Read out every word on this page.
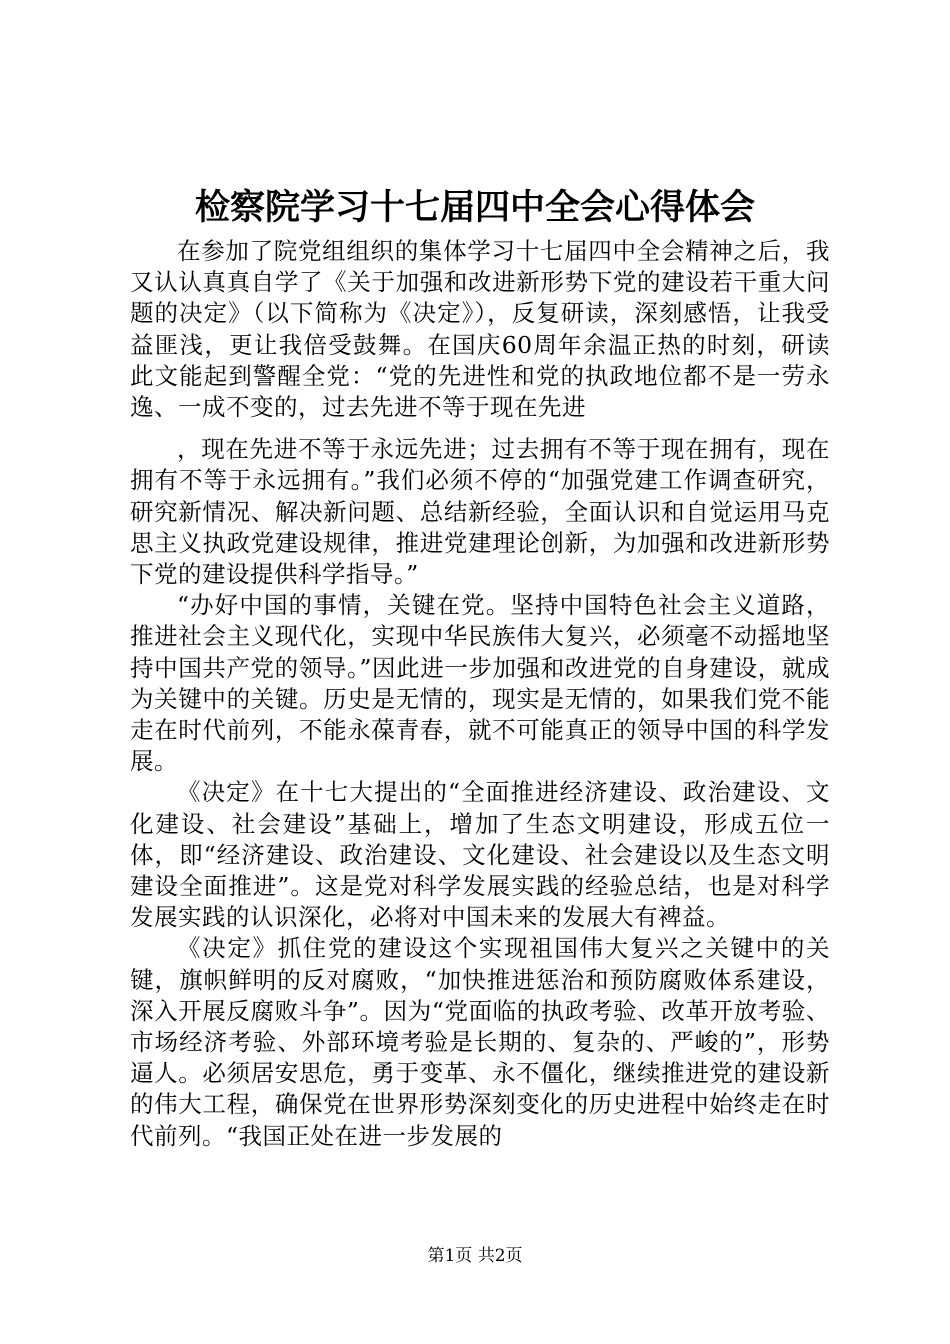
检察院学习十七届四中全会心得体会

在参加了院党组组织的集体学习十七届四中全会精神之后，我又认认真真自学了《关于加强和改进新形势下党的建设若干重大问题的决定》（以下简称为《决定》），反复研读，深刻感悟，让我受益匪浅，更让我倍受鼓舞。在国庆60周年余温正热的时刻，研读此文能起到警醒全党：“党的先进性和党的执政地位都不是一劳永逸、一成不变的，过去先进不等于现在先进

，现在先进不等于永远先进；过去拥有不等于现在拥有，现在拥有不等于永远拥有。”我们必须不停的“加强党建工作调查研究，研究新情况、解决新问题、总结新经验，全面认识和自觉运用马克思主义执政党建设规律，推进党建理论创新，为加强和改进新形势下党的建设提供科学指导。”

“办好中国的事情，关键在党。坚持中国特色社会主义道路，推进社会主义现代化，实现中华民族伟大复兴，必须毫不动摇地坚持中国共产党的领导。”因此进一步加强和改进党的自身建设，就成为关键中的关键。历史是无情的，现实是无情的，如果我们党不能走在时代前列，不能永葆青春，就不可能真正的领导中国的科学发展。

《决定》在十七大提出的“全面推进经济建设、政治建设、文化建设、社会建设”基础上，增加了生态文明建设，形成五位一体，即“经济建设、政治建设、文化建设、社会建设以及生态文明建设全面推进”。这是党对科学发展实践的经验总结，也是对科学发展实践的认识深化，必将对中国未来的发展大有裨益。

《决定》抓住党的建设这个实现祖国伟大复兴之关键中的关键，旗帜鲜明的反对腐败，“加快推进惩治和预防腐败体系建设，深入开展反腐败斗争”。因为“党面临的执政考验、改革开放考验、市场经济考验、外部环境考验是长期的、复杂的、严峻的”，形势逼人。必须居安思危，勇于变革、永不僵化，继续推进党的建设新的伟大工程，确保党在世界形势深刻变化的历史进程中始终走在时代前列。“我国正处在进一步发展的

第1页 共2页
